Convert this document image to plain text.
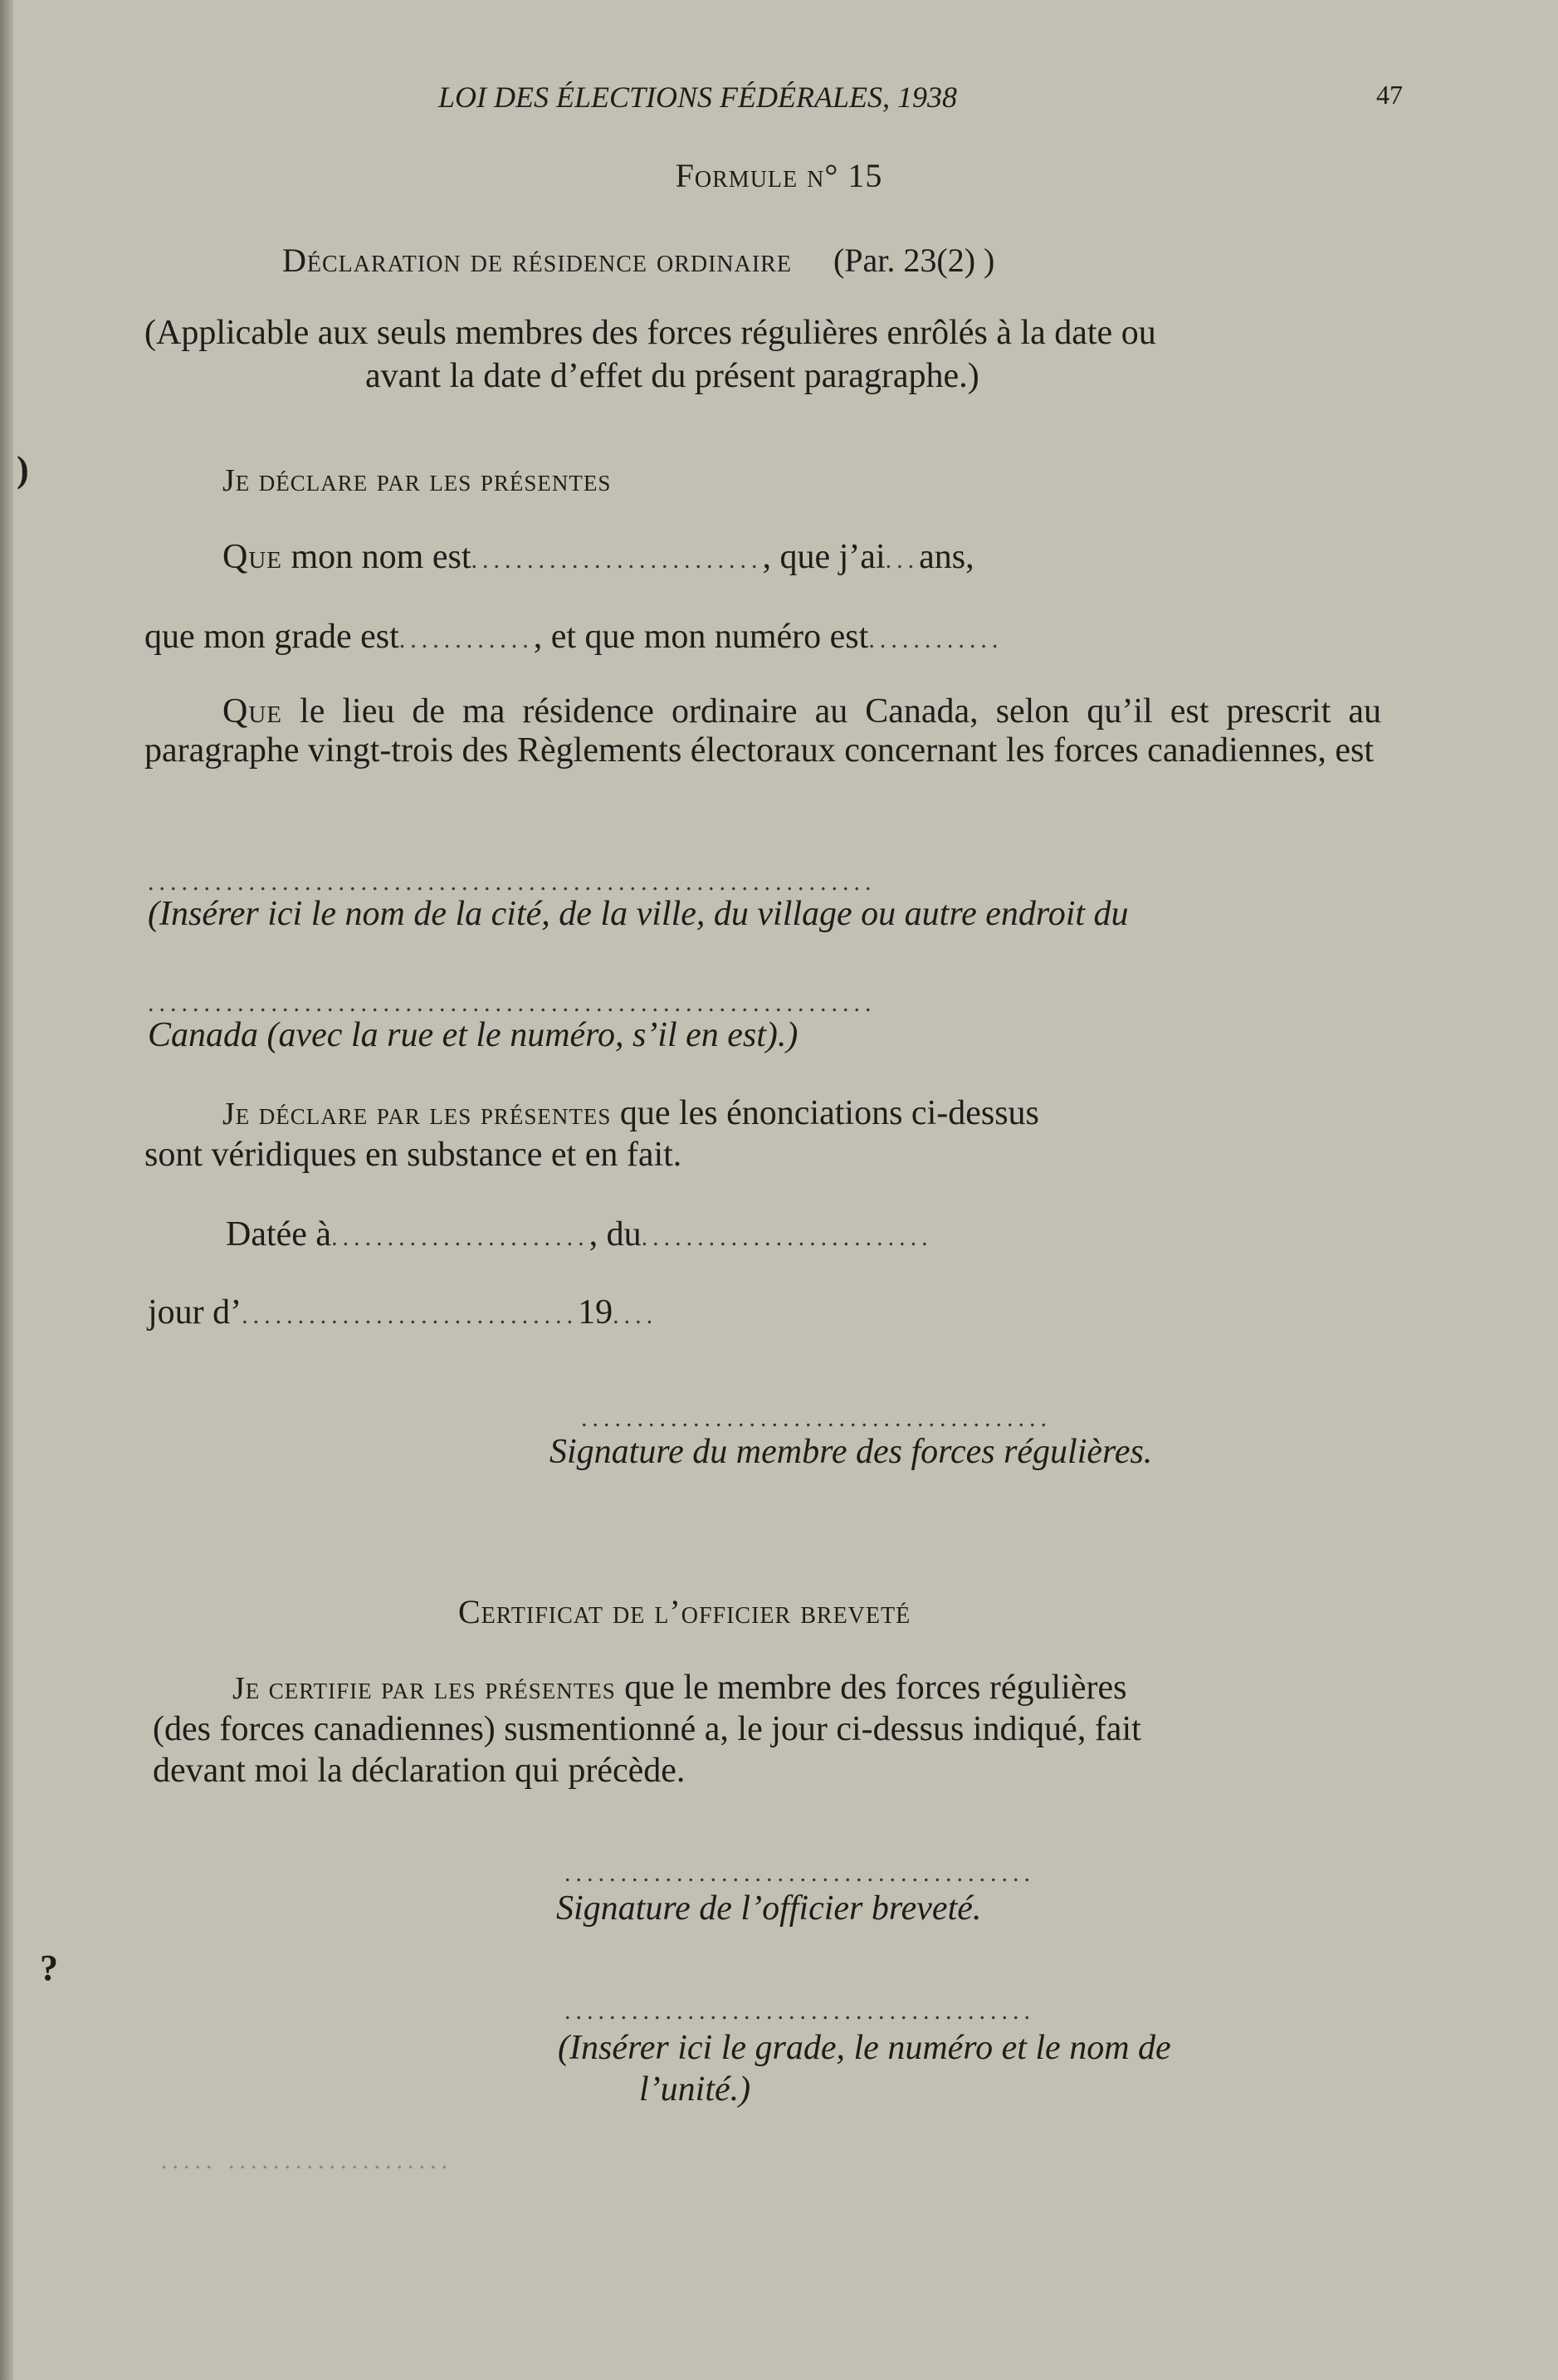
)
?

LOI DES ÉLECTIONS FÉDÉRALES, 1938	47

Formule n° 15

Déclaration de résidence ordinaire (Par. 23(2) )

(Applicable aux seuls membres des forces régulières enrôlés à la date ou

avant la date d’effet du présent paragraphe.)

Je déclare par les présentes

Que mon nom est.........................., que j’ai...ans,

que mon grade est............, et que mon numéro est............

Que le lieu de ma résidence ordinaire au Canada, selon qu’il est prescrit au paragraphe vingt-trois des Règlements électoraux concernant les forces canadiennes, est

.................................................................

(Insérer ici le nom de la cité, de la ville, du village ou autre endroit du

.................................................................

Canada (avec la rue et le numéro, s’il en est).)

Je déclare par les présentes que les énonciations ci-dessus

sont véridiques en substance et en fait.

Datée à......................., du..........................

jour d’..............................19....

..........................................

Signature du membre des forces régulières.

Certificat de l’officier breveté

Je certifie par les présentes que le membre des forces régulières

(des forces canadiennes) susmentionné a, le jour ci-dessus indiqué, fait

devant moi la déclaration qui précède.

..........................................

Signature de l’officier breveté.

..........................................

(Insérer ici le grade, le numéro et le nom de

l’unité.)

..... ....................
